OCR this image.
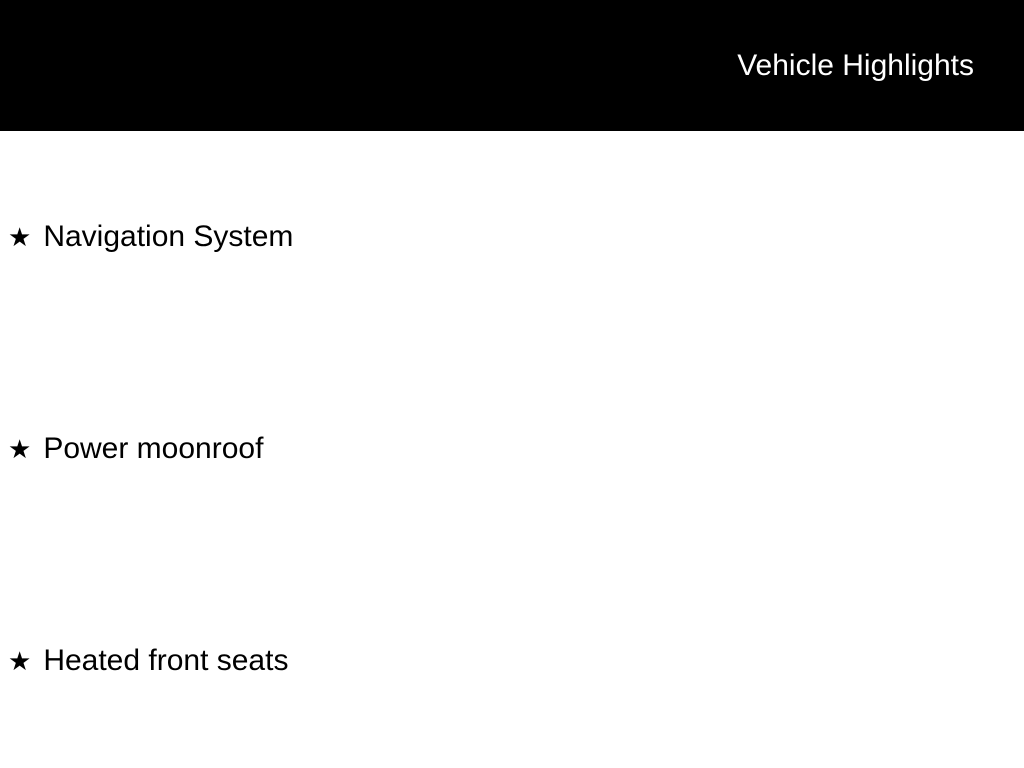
Vehicle Highlights
★ Navigation System
★ Power moonroof
★ Heated front seats
